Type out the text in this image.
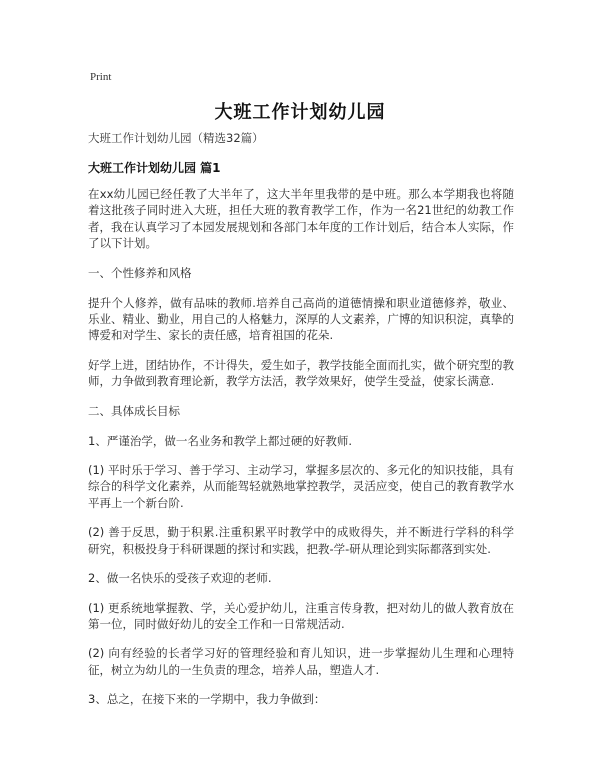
Print
大班工作计划幼儿园

大班工作计划幼儿园（精选32篇）

大班工作计划幼儿园 篇1

在xx幼儿园已经任教了大半年了，这大半年里我带的是中班。那么本学期我也将随着这批孩子同时进入大班，担任大班的教育教学工作，作为一名21世纪的幼教工作者，我在认真学习了本园发展规划和各部门本年度的工作计划后，结合本人实际，作了以下计划。

一、个性修养和风格

提升个人修养，做有品味的教师.培养自己高尚的道德情操和职业道德修养，敬业、乐业、精业、勤业，用自己的人格魅力，深厚的人文素养，广博的知识积淀，真挚的博爱和对学生、家长的责任感，培育祖国的花朵.

好学上进，团结协作，不计得失，爱生如子，教学技能全面而扎实，做个研究型的教师，力争做到教育理论新，教学方法活，教学效果好，使学生受益，使家长满意.

二、具体成长目标

1、严谨治学，做一名业务和教学上都过硬的好教师.

(1) 平时乐于学习、善于学习、主动学习，掌握多层次的、多元化的知识技能，具有综合的科学文化素养，从而能驾轻就熟地掌控教学，灵活应变，使自己的教育教学水平再上一个新台阶.

(2) 善于反思，勤于积累.注重积累平时教学中的成败得失，并不断进行学科的科学研究，积极投身于科研课题的探讨和实践，把教-学-研从理论到实际都落到实处.

2、做一名快乐的受孩子欢迎的老师.

(1) 更系统地掌握教、学，关心爱护幼儿，注重言传身教，把对幼儿的做人教育放在第一位，同时做好幼儿的安全工作和一日常规活动.

(2) 向有经验的长者学习好的管理经验和育儿知识，进一步掌握幼儿生理和心理特征，树立为幼儿的一生负责的理念，培养人品，塑造人才.

3、总之，在接下来的一学期中，我力争做到：
